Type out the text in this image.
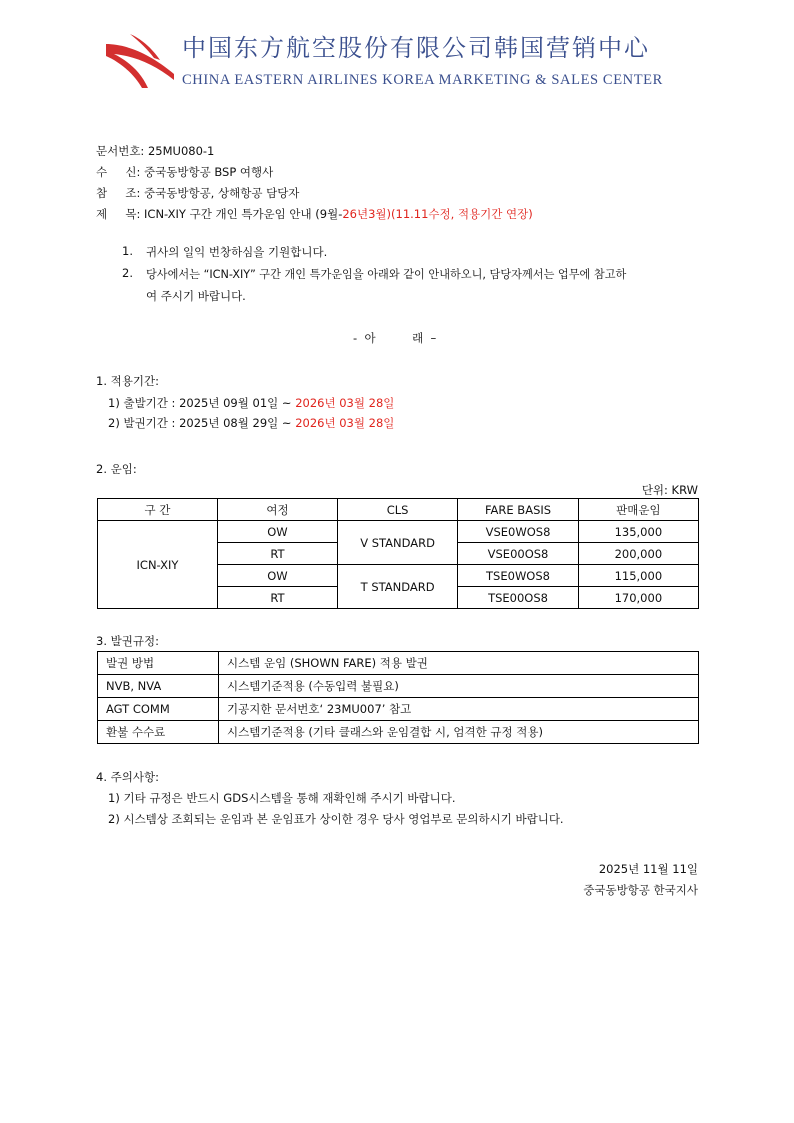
中国东方航空股份有限公司韩国营销中心
CHINA EASTERN AIRLINES KOREA MARKETING & SALES CENTER
문서번호: 25MU080-1
수     신: 중국동방항공 BSP 여행사
참     조: 중국동방항공, 상해항공 담당자
제     목: ICN-XIY 구간 개인 특가운임 안내 (9월-26년3월)(11.11수정, 적용기간 연장)
1. 귀사의 일익 번창하심을 기원합니다.
2. 당사에서는 “ICN-XIY” 구간 개인 특가운임을 아래와 같이 안내하오니, 담당자께서는 업무에 참고하
여 주시기 바랍니다.
-  아          래  –
1. 적용기간:
1) 출발기간 : 2025년 09월 01일 ~ 2026년 03월 28일
2) 발권기간 : 2025년 08월 29일 ~ 2026년 03월 28일
2. 운임:
단위: KRW
구 간	여정	CLS	FARE BASIS	판매운임
ICN-XIY	OW	V STANDARD	VSE0WOS8	135,000
	RT		VSE00OS8	200,000
	OW	T STANDARD	TSE0WOS8	115,000
	RT		TSE00OS8	170,000
3. 발권규정:
발권 방법	시스템 운임 (SHOWN FARE) 적용 발권
NVB, NVA	시스템기준적용 (수동입력 불필요)
AGT COMM	기공지한 문서번호‘ 23MU007’ 참고
환불 수수료	시스템기준적용 (기타 클래스와 운임결합 시, 엄격한 규정 적용)
4. 주의사항:
1) 기타 규정은 반드시 GDS시스템을 통해 재확인해 주시기 바랍니다.
2) 시스템상 조회되는 운임과 본 운임표가 상이한 경우 당사 영업부로 문의하시기 바랍니다.
2025년 11월 11일
중국동방항공 한국지사
